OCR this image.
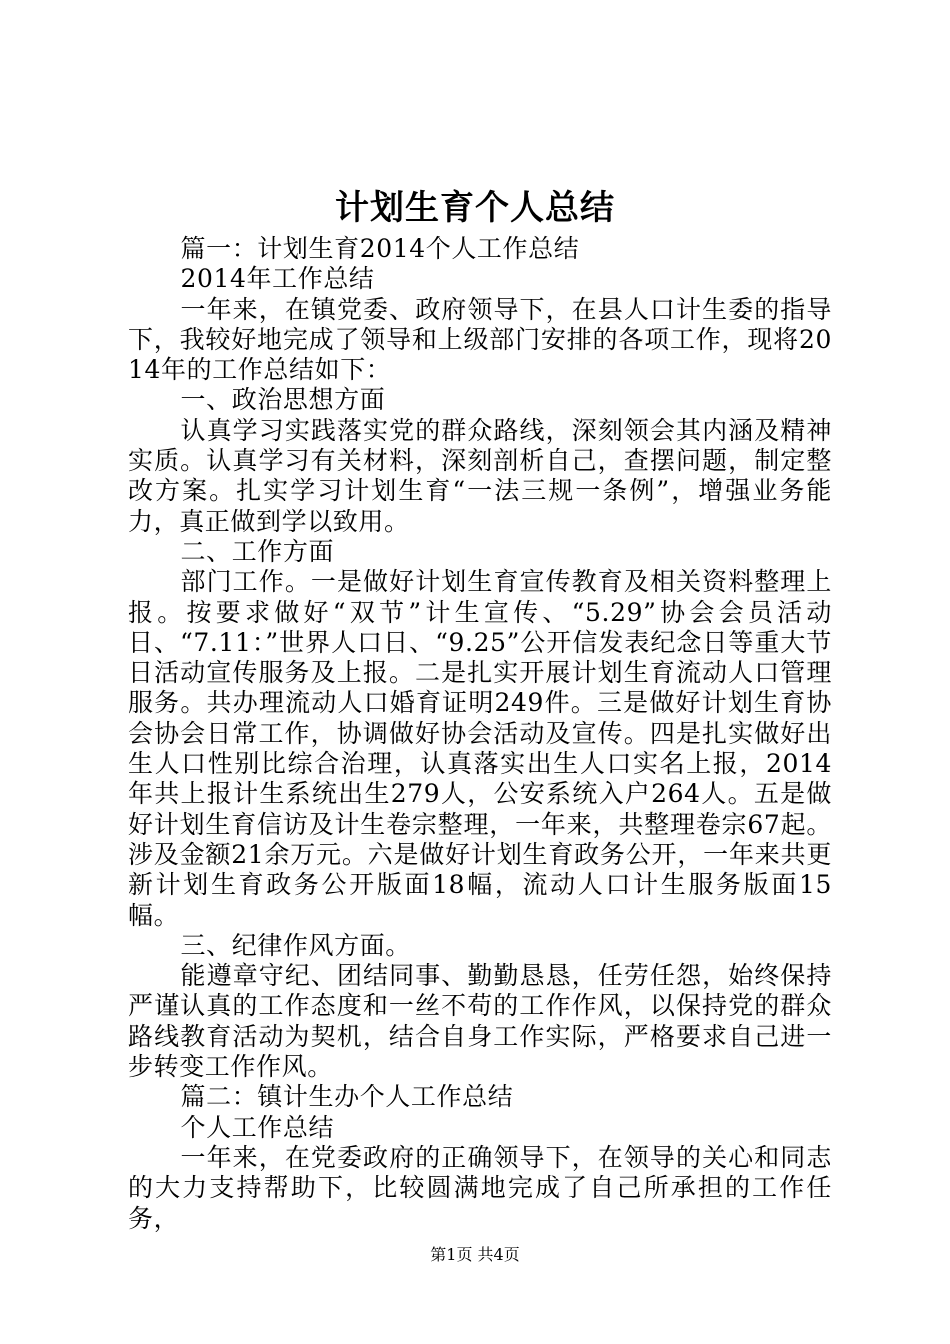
计划生育个人总结

篇一：计划生育2014个人工作总结

2014年工作总结

一年来，在镇党委、政府领导下，在县人口计生委的指导下，我较好地完成了领导和上级部门安排的各项工作，现将2014年的工作总结如下：

一、政治思想方面

认真学习实践落实党的群众路线，深刻领会其内涵及精神实质。认真学习有关材料，深刻剖析自己，查摆问题，制定整改方案。扎实学习计划生育“一法三规一条例”，增强业务能力，真正做到学以致用。

二、工作方面

部门工作。一是做好计划生育宣传教育及相关资料整理上报。按要求做好“双节”计生宣传、“5.29”协会会员活动日、“7.11：”世界人口日、“9.25”公开信发表纪念日等重大节日活动宣传服务及上报。二是扎实开展计划生育流动人口管理服务。共办理流动人口婚育证明249件。三是做好计划生育协会协会日常工作，协调做好协会活动及宣传。四是扎实做好出生人口性别比综合治理，认真落实出生人口实名上报，2014年共上报计生系统出生279人，公安系统入户264人。五是做好计划生育信访及计生卷宗整理，一年来，共整理卷宗67起。涉及金额21余万元。六是做好计划生育政务公开，一年来共更新计划生育政务公开版面18幅，流动人口计生服务版面15幅。

三、纪律作风方面。

能遵章守纪、团结同事、勤勤恳恳，任劳任怨，始终保持严谨认真的工作态度和一丝不苟的工作作风，以保持党的群众路线教育活动为契机，结合自身工作实际，严格要求自己进一步转变工作作风。

篇二：镇计生办个人工作总结

个人工作总结

一年来，在党委政府的正确领导下，在领导的关心和同志的大力支持帮助下，比较圆满地完成了自己所承担的工作任务，

第1页 共4页
